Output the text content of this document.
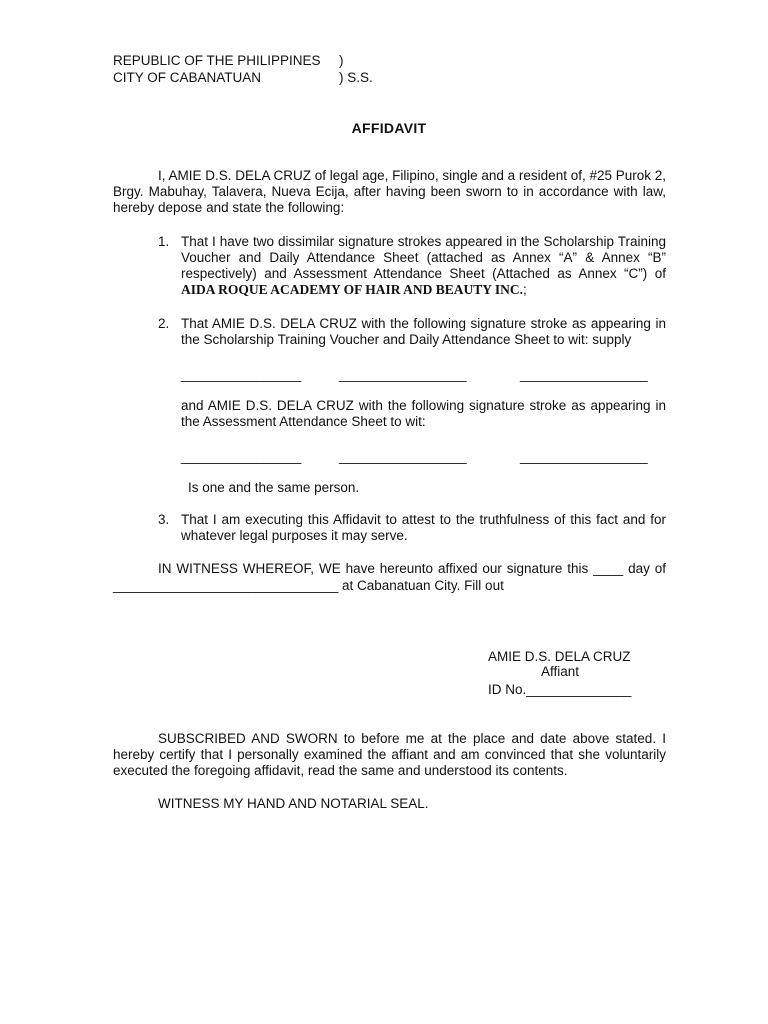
REPUBLIC OF THE PHILIPPINES )
CITY OF CABANATUAN	) S.S.
AFFIDAVIT
I, AMIE D.S. DELA CRUZ of legal age, Filipino, single and a resident of, #25 Purok 2, Brgy. Mabuhay, Talavera, Nueva Ecija, after having been sworn to in accordance with law, hereby depose and state the following:
1. That I have two dissimilar signature strokes appeared in the Scholarship Training Voucher and Daily Attendance Sheet (attached as Annex “A” & Annex “B” respectively) and Assessment Attendance Sheet (Attached as Annex “C”) of AIDA ROQUE ACADEMY OF HAIR AND BEAUTY INC.;
2. That AMIE D.S. DELA CRUZ with the following signature stroke as appearing in the Scholarship Training Voucher and Daily Attendance Sheet to wit: supply
________________	_________________	_________________
and AMIE D.S. DELA CRUZ with the following signature stroke as appearing in the Assessment Attendance Sheet to wit:
________________	_________________	_________________
Is one and the same person.
3. That I am executing this Affidavit to attest to the truthfulness of this fact and for whatever legal purposes it may serve.
IN WITNESS WHEREOF, WE have hereunto affixed our signature this ____ day of
______________________________ at Cabanatuan City. Fill out
AMIE D.S. DELA CRUZ
Affiant
ID No.______________
SUBSCRIBED AND SWORN to before me at the place and date above stated. I hereby certify that I personally examined the affiant and am convinced that she voluntarily executed the foregoing affidavit, read the same and understood its contents.
WITNESS MY HAND AND NOTARIAL SEAL.
